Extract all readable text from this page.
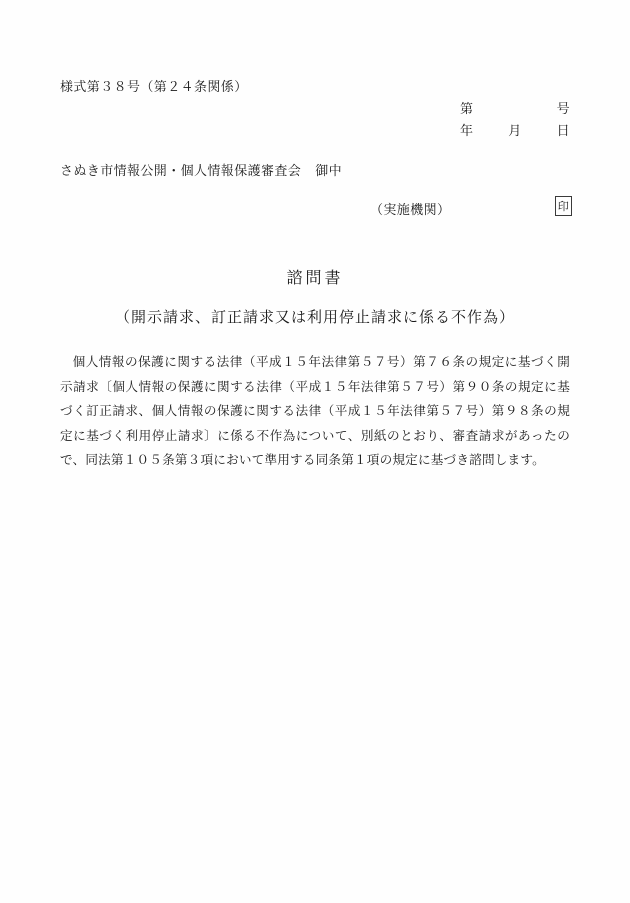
様式第３８号（第２４条関係）
第	号
年	月	日
さぬき市情報公開・個人情報保護審査会 御中
（実施機関）	印
諮問書
（開示請求、訂正請求又は利用停止請求に係る不作為）
個人情報の保護に関する法律（平成１５年法律第５７号）第７６条の規定に基づく開示請求〔個人情報の保護に関する法律（平成１５年法律第５７号）第９０条の規定に基づく訂正請求、個人情報の保護に関する法律（平成１５年法律第５７号）第９８条の規定に基づく利用停止請求〕に係る不作為について、別紙のとおり、審査請求があったので、同法第１０５条第３項において準用する同条第１項の規定に基づき諮問します。
